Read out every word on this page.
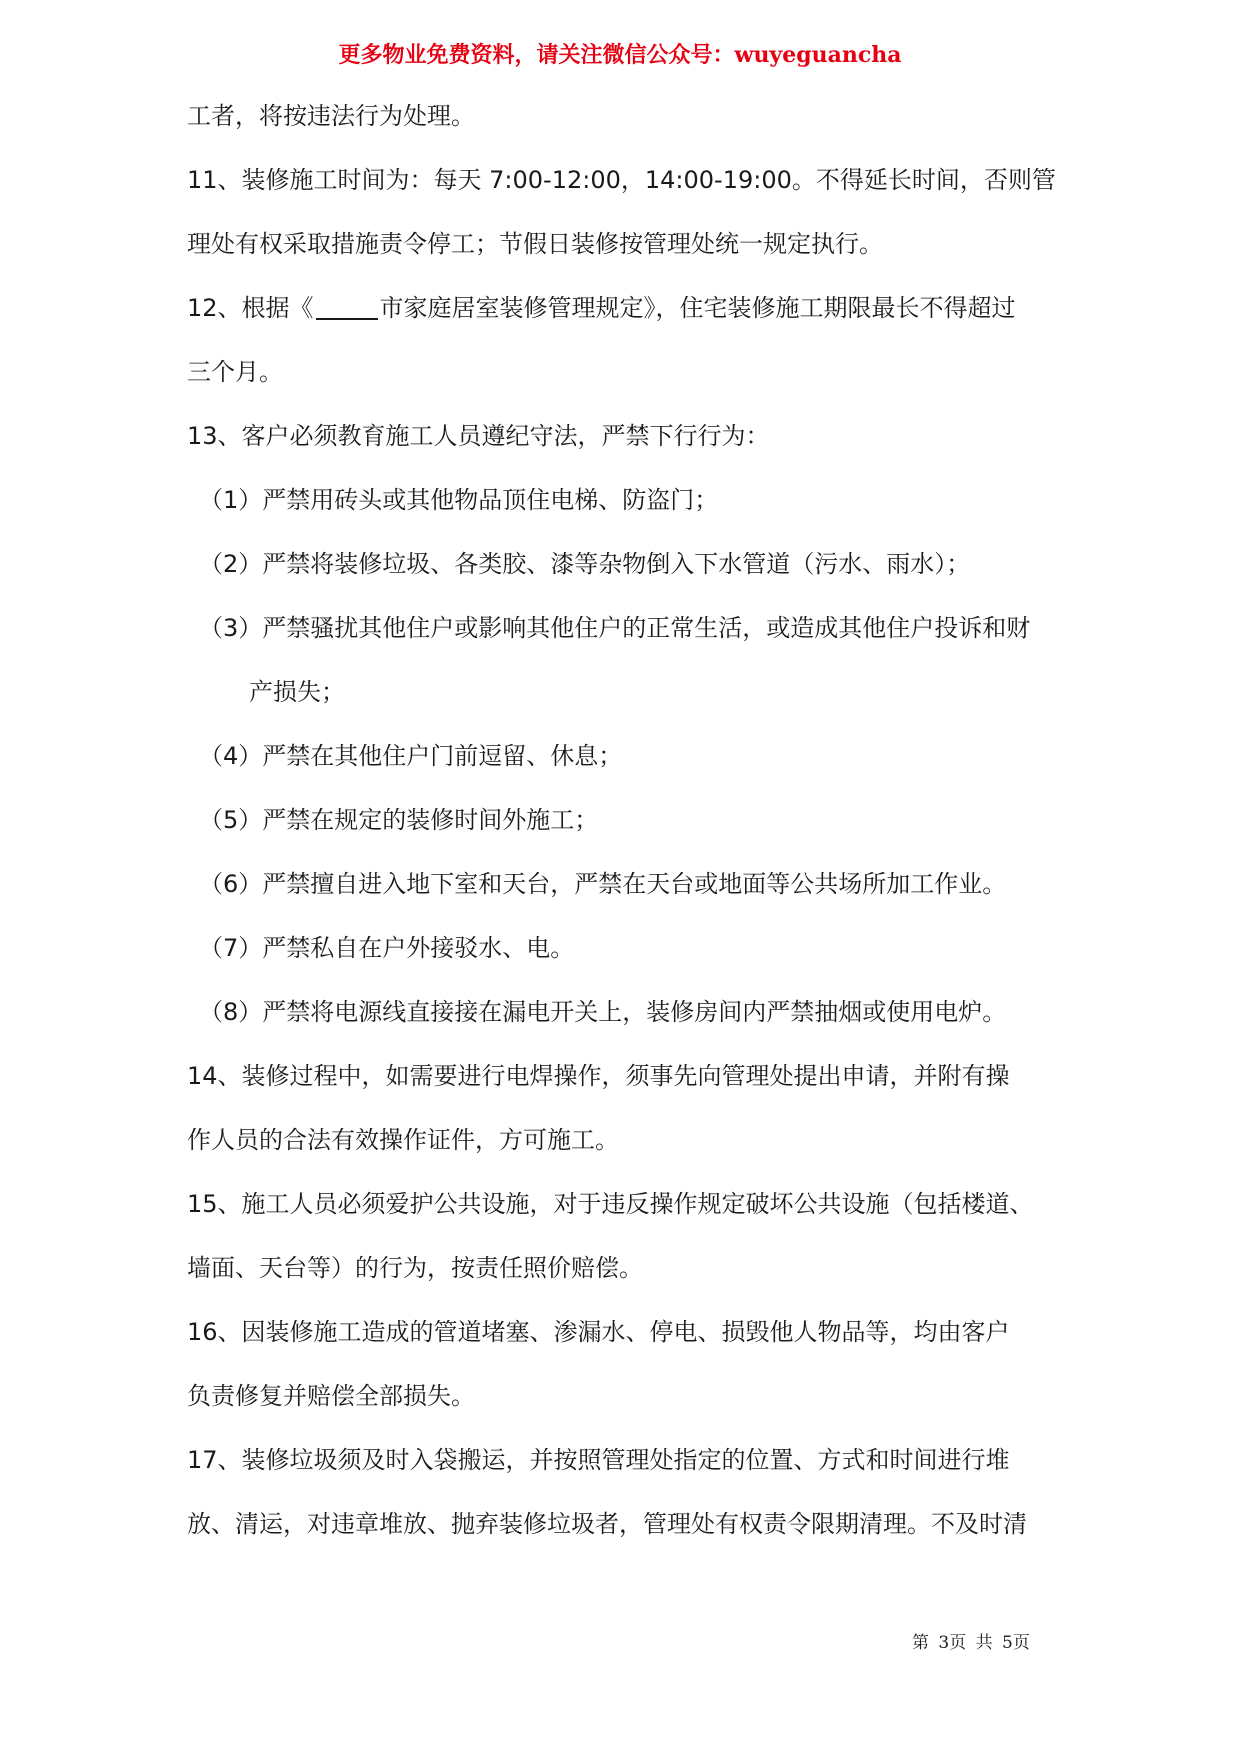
更多物业免费资料，请关注微信公众号：wuyeguancha
工者，将按违法行为处理。
11、装修施工时间为：每天 7:00-12:00，14:00-19:00。不得延长时间，否则管
理处有权采取措施责令停工；节假日装修按管理处统一规定执行。
12、根据《	市家庭居室装修管理规定》，住宅装修施工期限最长不得超过
三个月。
13、客户必须教育施工人员遵纪守法，严禁下行行为：
（1）严禁用砖头或其他物品顶住电梯、防盗门；
（2）严禁将装修垃圾、各类胶、漆等杂物倒入下水管道（污水、雨水）；
（3）严禁骚扰其他住户或影响其他住户的正常生活，或造成其他住户投诉和财
产损失；
（4）严禁在其他住户门前逗留、休息；
（5）严禁在规定的装修时间外施工；
（6）严禁擅自进入地下室和天台，严禁在天台或地面等公共场所加工作业。
（7）严禁私自在户外接驳水、电。
（8）严禁将电源线直接接在漏电开关上，装修房间内严禁抽烟或使用电炉。
14、装修过程中，如需要进行电焊操作，须事先向管理处提出申请，并附有操
作人员的合法有效操作证件，方可施工。
15、施工人员必须爱护公共设施，对于违反操作规定破坏公共设施（包括楼道、
墙面、天台等）的行为，按责任照价赔偿。
16、因装修施工造成的管道堵塞、渗漏水、停电、损毁他人物品等，均由客户
负责修复并赔偿全部损失。
17、装修垃圾须及时入袋搬运，并按照管理处指定的位置、方式和时间进行堆
放、清运，对违章堆放、抛弃装修垃圾者，管理处有权责令限期清理。不及时清
第 3页 共 5页
